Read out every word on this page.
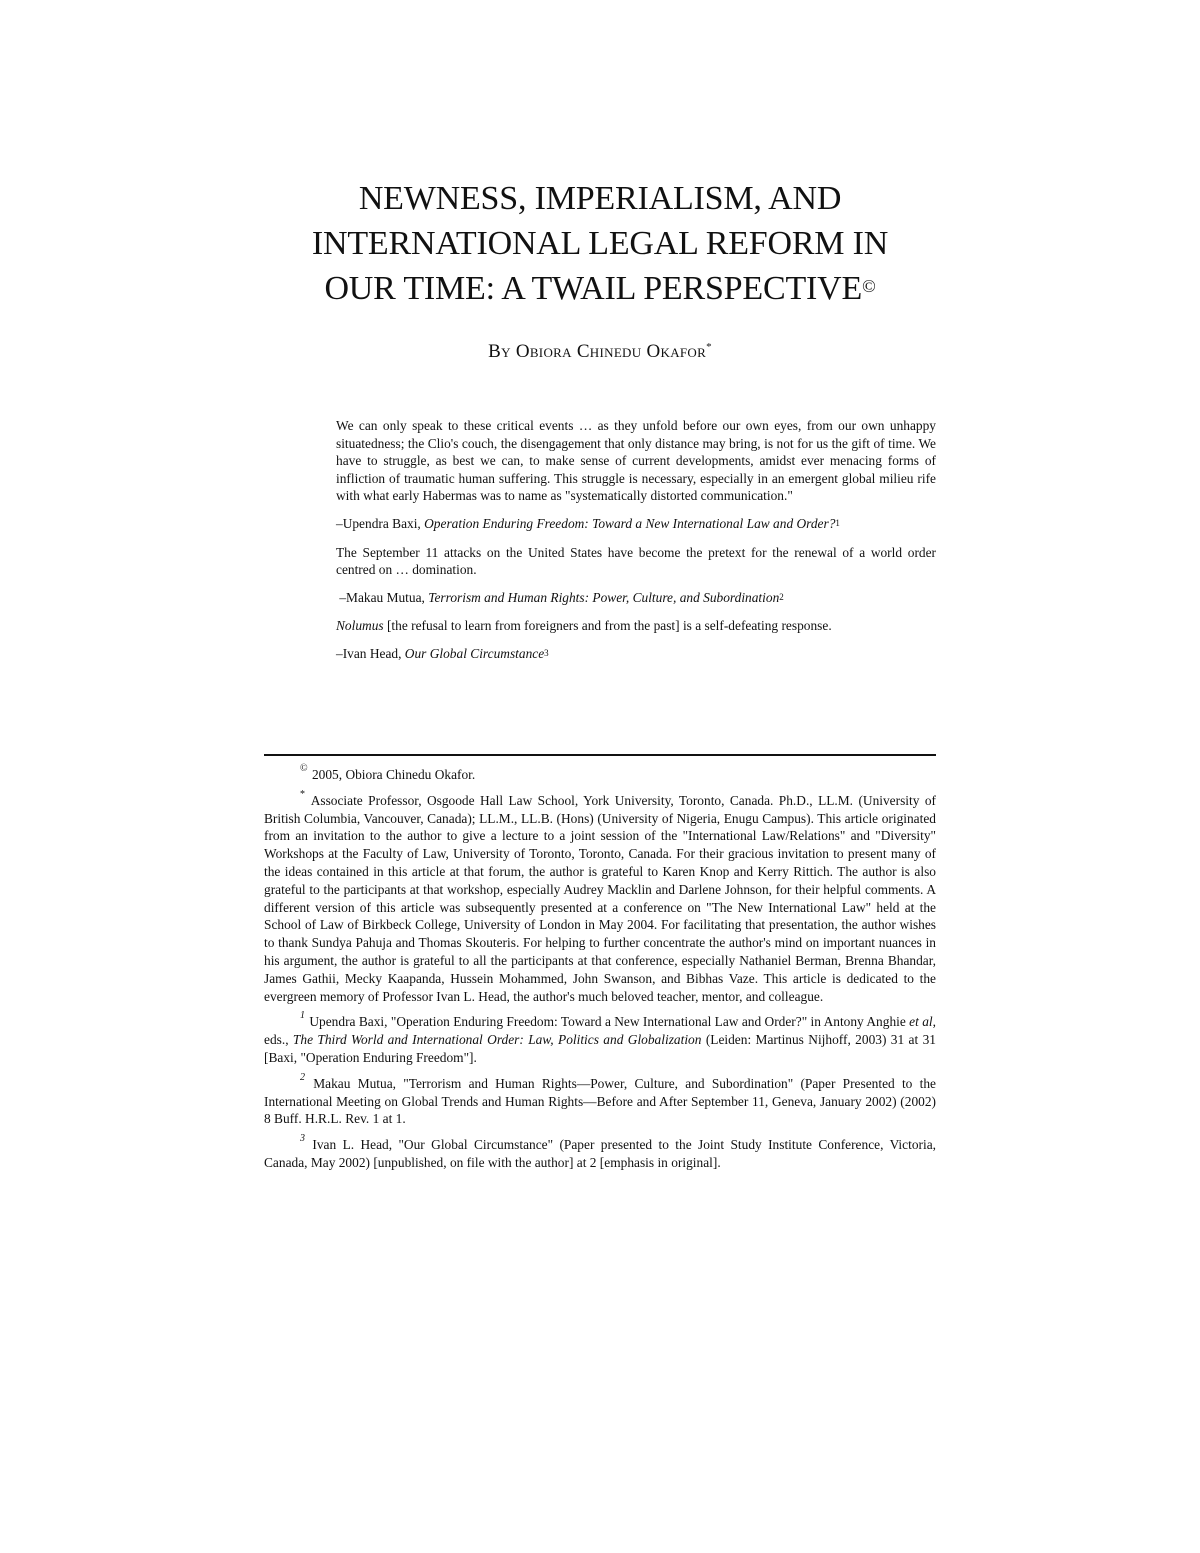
NEWNESS, IMPERIALISM, AND
INTERNATIONAL LEGAL REFORM IN
OUR TIME: A TWAIL PERSPECTIVE©
By Obiora Chinedu Okafor*

We can only speak to these critical events … as they unfold before our own eyes, from our own unhappy situatedness; the Clio's couch, the disengagement that only distance may bring, is not for us the gift of time. We have to struggle, as best we can, to make sense of current developments, amidst ever menacing forms of infliction of traumatic human suffering. This struggle is necessary, especially in an emergent global milieu rife with what early Habermas was to name as "systematically distorted communication."

–Upendra Baxi, Operation Enduring Freedom: Toward a New International Law and Order?$^1$

The September 11 attacks on the United States have become the pretext for the renewal of a world order centred on … domination.

–Makau Mutua, Terrorism and Human Rights: Power, Culture, and Subordination$^2$

Nolumus [the refusal to learn from foreigners and from the past] is a self-defeating response.

–Ivan Head, Our Global Circumstance$^3$

© 2005, Obiora Chinedu Okafor.

* Associate Professor, Osgoode Hall Law School, York University, Toronto, Canada. Ph.D., LL.M. (University of British Columbia, Vancouver, Canada); LL.M., LL.B. (Hons) (University of Nigeria, Enugu Campus). This article originated from an invitation to the author to give a lecture to a joint session of the "International Law/Relations" and "Diversity" Workshops at the Faculty of Law, University of Toronto, Toronto, Canada. For their gracious invitation to present many of the ideas contained in this article at that forum, the author is grateful to Karen Knop and Kerry Rittich. The author is also grateful to the participants at that workshop, especially Audrey Macklin and Darlene Johnson, for their helpful comments. A different version of this article was subsequently presented at a conference on "The New International Law" held at the School of Law of Birkbeck College, University of London in May 2004. For facilitating that presentation, the author wishes to thank Sundya Pahuja and Thomas Skouteris. For helping to further concentrate the author's mind on important nuances in his argument, the author is grateful to all the participants at that conference, especially Nathaniel Berman, Brenna Bhandar, James Gathii, Mecky Kaapanda, Hussein Mohammed, John Swanson, and Bibhas Vaze. This article is dedicated to the evergreen memory of Professor Ivan L. Head, the author's much beloved teacher, mentor, and colleague.

$^1$ Upendra Baxi, "Operation Enduring Freedom: Toward a New International Law and Order?" in Antony Anghie et al, eds., The Third World and International Order: Law, Politics and Globalization (Leiden: Martinus Nijhoff, 2003) 31 at 31 [Baxi, "Operation Enduring Freedom"].

$^2$ Makau Mutua, "Terrorism and Human Rights—Power, Culture, and Subordination" (Paper Presented to the International Meeting on Global Trends and Human Rights—Before and After September 11, Geneva, January 2002) (2002) 8 Buff. H.R.L. Rev. 1 at 1.

$^3$ Ivan L. Head, "Our Global Circumstance" (Paper presented to the Joint Study Institute Conference, Victoria, Canada, May 2002) [unpublished, on file with the author] at 2 [emphasis in original].
